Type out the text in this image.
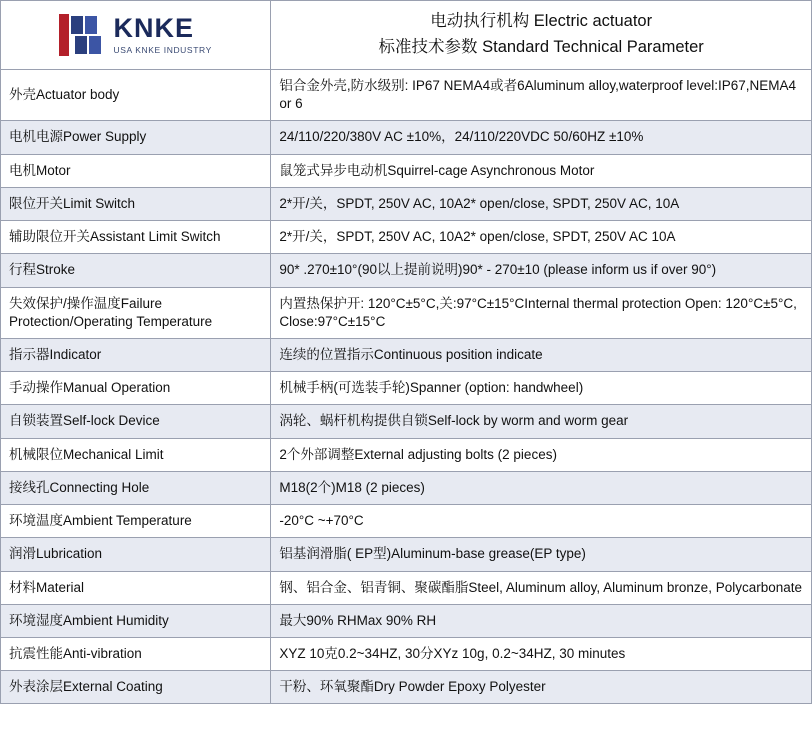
KNKE
USA KNKE INDUSTRY

电动执行机构 Electric actuator
标准技术参数 Standard Technical Parameter

外壳Actuator body	铝合金外壳,防水级别: IP67 NEMA4或者6Aluminum alloy,waterproof level:IP67,NEMA4 or 6
电机电源Power Supply	24/110/220/380V AC ±10%，24/110/220VDC 50/60HZ ±10%
电机Motor	鼠笼式异步电动机Squirrel-cage Asynchronous Motor
限位开关Limit Switch	2*开/关，SPDT, 250V AC, 10A2* open/close, SPDT, 250V AC, 10A
辅助限位开关Assistant Limit Switch	2*开/关，SPDT, 250V AC, 10A2* open/close, SPDT, 250V AC 10A
行程Stroke	90* .270±10°(90以上提前说明)90* - 270±10 (please inform us if over 90°)
失效保护/操作温度Failure Protection/Operating Temperature	内置热保护开: 120°C±5°C,关:97°C±15°CInternal thermal protection Open: 120°C±5°C, Close:97°C±15°C
指示器Indicator	连续的位置指示Continuous position indicate
手动操作Manual Operation	机械手柄(可选装手轮)Spanner (option: handwheel)
自锁装置Self-lock Device	涡轮、蜗杆机构提供自锁Self-lock by worm and worm gear
机械限位Mechanical Limit	2个外部调整External adjusting bolts (2 pieces)
接线孔Connecting Hole	M18(2个)M18 (2 pieces)
环境温度Ambient Temperature	-20°C ~+70°C
润滑Lubrication	铝基润滑脂( EP型)Aluminum-base grease(EP type)
材料Material	钢、铝合金、铝青铜、聚碳酯脂Steel, Aluminum alloy, Aluminum bronze, Polycarbonate
环境湿度Ambient Humidity	最大90% RHMax 90% RH
抗震性能Anti-vibration	XYZ 10克0.2~34HZ, 30分XYz 10g, 0.2~34HZ, 30 minutes
外表涂层External Coating	干粉、环氧聚酯Dry Powder Epoxy Polyester
